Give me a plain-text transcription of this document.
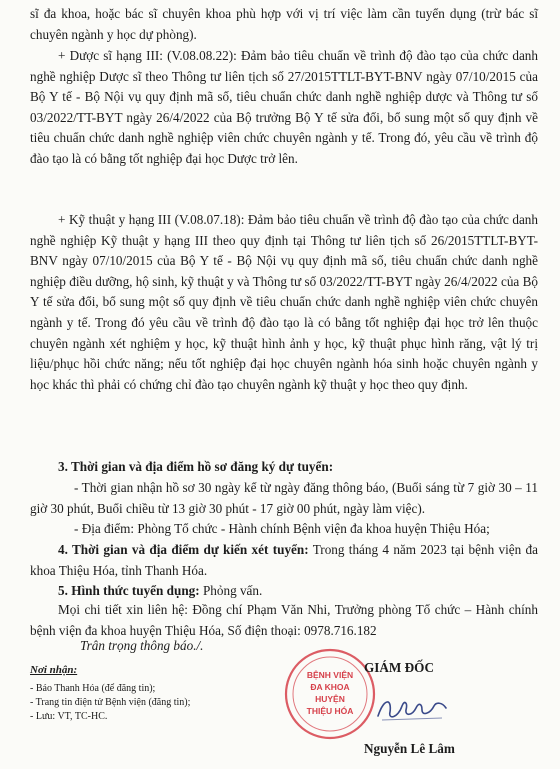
sĩ đa khoa, hoặc bác sĩ chuyên khoa phù hợp với vị trí việc làm cần tuyển dụng (trừ bác sĩ chuyên ngành y học dự phòng).

+ Dược sĩ hạng III: (V.08.08.22): Đảm bảo tiêu chuẩn về trình độ đào tạo của chức danh nghề nghiệp Dược sĩ theo Thông tư liên tịch số 27/2015TTLT-BYT-BNV ngày 07/10/2015 của Bộ Y tế - Bộ Nội vụ quy định mã số, tiêu chuẩn chức danh nghề nghiệp dược và Thông tư số 03/2022/TT-BYT ngày 26/4/2022 của Bộ trưởng Bộ Y tế sửa đổi, bổ sung một số quy định về tiêu chuẩn chức danh nghề nghiệp viên chức chuyên ngành y tế. Trong đó, yêu cầu về trình độ đào tạo là có bằng tốt nghiệp đại học Dược trở lên.

+ Kỹ thuật y hạng III (V.08.07.18): Đảm bảo tiêu chuẩn về trình độ đào tạo của chức danh nghề nghiệp Kỹ thuật y hạng III theo quy định tại Thông tư liên tịch số 26/2015TTLT-BYT-BNV ngày 07/10/2015 của Bộ Y tế - Bộ Nội vụ quy định mã số, tiêu chuẩn chức danh nghề nghiệp điều dưỡng, hộ sinh, kỹ thuật y và Thông tư số 03/2022/TT-BYT ngày 26/4/2022 của Bộ Y tế sửa đổi, bổ sung một số quy định về tiêu chuẩn chức danh nghề nghiệp viên chức chuyên ngành y tế. Trong đó yêu cầu về trình độ đào tạo là có bằng tốt nghiệp đại học trở lên thuộc chuyên ngành xét nghiệm y học, kỹ thuật hình ảnh y học, kỹ thuật phục hình răng, vật lý trị liệu/phục hồi chức năng; nếu tốt nghiệp đại học chuyên ngành hóa sinh hoặc chuyên ngành y học khác thì phải có chứng chỉ đào tạo chuyên ngành kỹ thuật y học theo quy định.

3. Thời gian và địa điểm hồ sơ đăng ký dự tuyển:

- Thời gian nhận hồ sơ 30 ngày kể từ ngày đăng thông báo, (Buổi sáng từ 7 giờ 30 – 11 giờ 30 phút, Buổi chiều từ 13 giờ 30 phút - 17 giờ 00 phút, ngày làm việc).

- Địa điểm: Phòng Tổ chức - Hành chính Bệnh viện đa khoa huyện Thiệu Hóa;

4. Thời gian và địa điểm dự kiến xét tuyển: Trong tháng 4 năm 2023 tại bệnh viện đa khoa Thiệu Hóa, tỉnh Thanh Hóa.

5. Hình thức tuyển dụng: Phỏng vấn.

Mọi chi tiết xin liên hệ: Đồng chí Phạm Văn Nhi, Trưởng phòng Tổ chức – Hành chính bệnh viện đa khoa huyện Thiệu Hóa, Số điện thoại: 0978.716.182

Trân trọng thông báo./.

Nơi nhận:

- Báo Thanh Hóa (để đăng tin);

- Trang tin điện tử Bệnh viện (đăng tin);

- Lưu: VT, TC-HC.

BỆNH VIỆN
ĐA KHOA
HUYỆN
THIỆU HÓA

GIÁM ĐỐC

Nguyễn Lê Lâm
